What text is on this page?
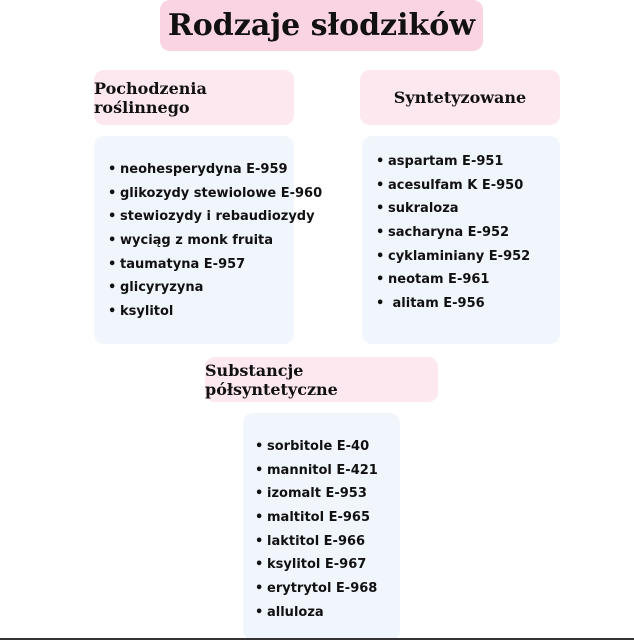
Rodzaje słodzików
Pochodzenia roślinnego
• neohesperydyna E-959
• glikozydy stewiolowe E-960
• stewiozydy i rebaudiozydy
• wyciąg z monk fruita
• taumatyna E-957
• glicyryzyna
• ksylitol
Syntetyzowane
• aspartam E-951
• acesulfam K E-950
• sukraloza
• sacharyna E-952
• cyklaminiany E-952
• neotam E-961
•  alitam E-956
Substancje półsyntetyczne
• sorbitole E-40
• mannitol E-421
• izomalt E-953
• maltitol E-965
• laktitol E-966
• ksylitol E-967
• erytrytol E-968
• alluloza
